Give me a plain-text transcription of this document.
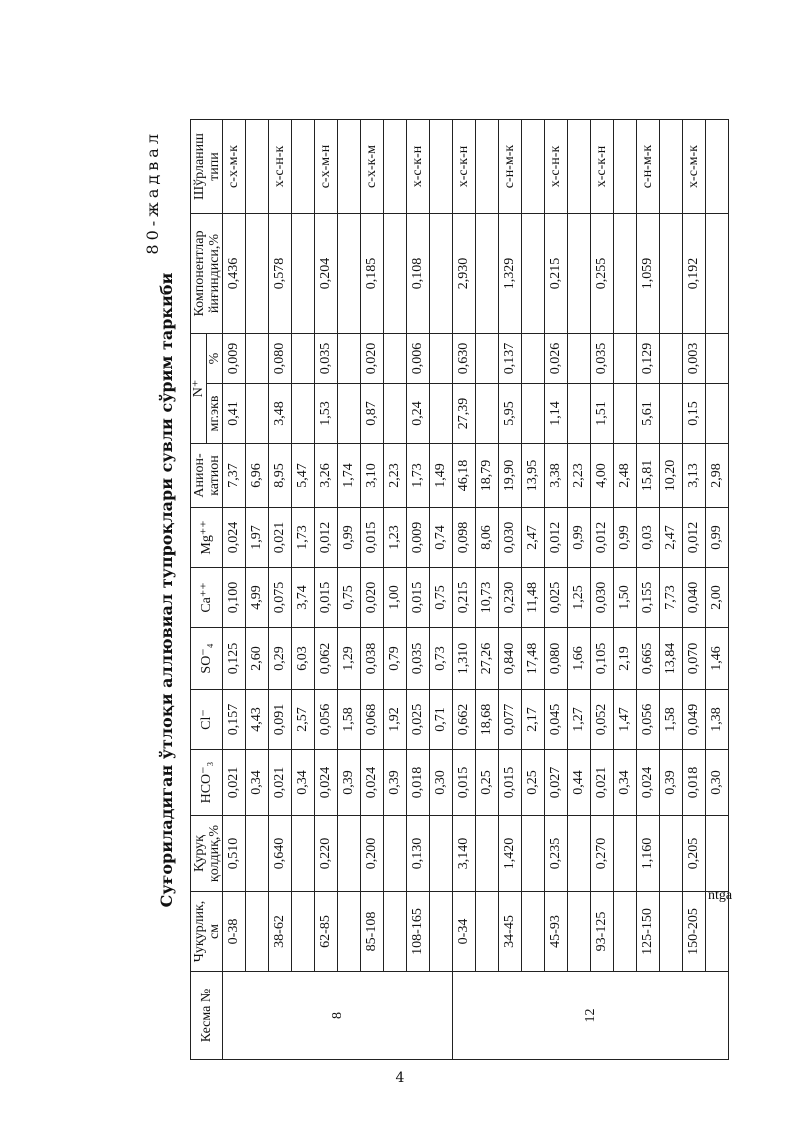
ntga
80-жадвал
Суғориладиган ўтлоқи аллювиал тупроқлари сувли сўрим таркиби
Кесма №	Чуқурлик, см	Қуруқ қолдиқ,%	HCO⁻₃	Cl⁻	SO⁻₄	Ca⁺⁺	Mg⁺⁺	Анион-катион	N⁺		Компонентлар йиғиндиси,%	Шўрланиш типи
									мг.экв	%		
8	0-38	0,510	0,021	0,157	0,125	0,100	0,024	7,37	0,41	0,009	0,436	с-х-м-к
			0,34	4,43	2,60	4,99	1,97	6,96				
	38-62	0,640	0,021	0,091	0,29	0,075	0,021	8,95	3,48	0,080	0,578	х-с-н-к
			0,34	2,57	6,03	3,74	1,73	5,47				
	62-85	0,220	0,024	0,056	0,062	0,015	0,012	3,26	1,53	0,035	0,204	с-х-м-н
			0,39	1,58	1,29	0,75	0,99	1,74				
	85-108	0,200	0,024	0,068	0,038	0,020	0,015	3,10	0,87	0,020	0,185	с-х-к-м
			0,39	1,92	0,79	1,00	1,23	2,23				
	108-165	0,130	0,018	0,025	0,035	0,015	0,009	1,73	0,24	0,006	0,108	х-с-к-н
			0,30	0,71	0,73	0,75	0,74	1,49				
12	0-34	3,140	0,015	0,662	1,310	0,215	0,098	46,18	27,39	0,630	2,930	х-с-к-н
			0,25	18,68	27,26	10,73	8,06	18,79				
	34-45	1,420	0,015	0,077	0,840	0,230	0,030	19,90	5,95	0,137	1,329	с-н-м-к
			0,25	2,17	17,48	11,48	2,47	13,95				
	45-93	0,235	0,027	0,045	0,080	0,025	0,012	3,38	1,14	0,026	0,215	х-с-н-к
			0,44	1,27	1,66	1,25	0,99	2,23				
	93-125	0,270	0,021	0,052	0,105	0,030	0,012	4,00	1,51	0,035	0,255	х-с-к-н
			0,34	1,47	2,19	1,50	0,99	2,48				
	125-150	1,160	0,024	0,056	0,665	0,155	0,03	15,81	5,61	0,129	1,059	с-н-м-к
			0,39	1,58	13,84	7,73	2,47	10,20				
	150-205	0,205	0,018	0,049	0,070	0,040	0,012	3,13	0,15	0,003	0,192	х-с-м-к
			0,30	1,38	1,46	2,00	0,99	2,98				
4
